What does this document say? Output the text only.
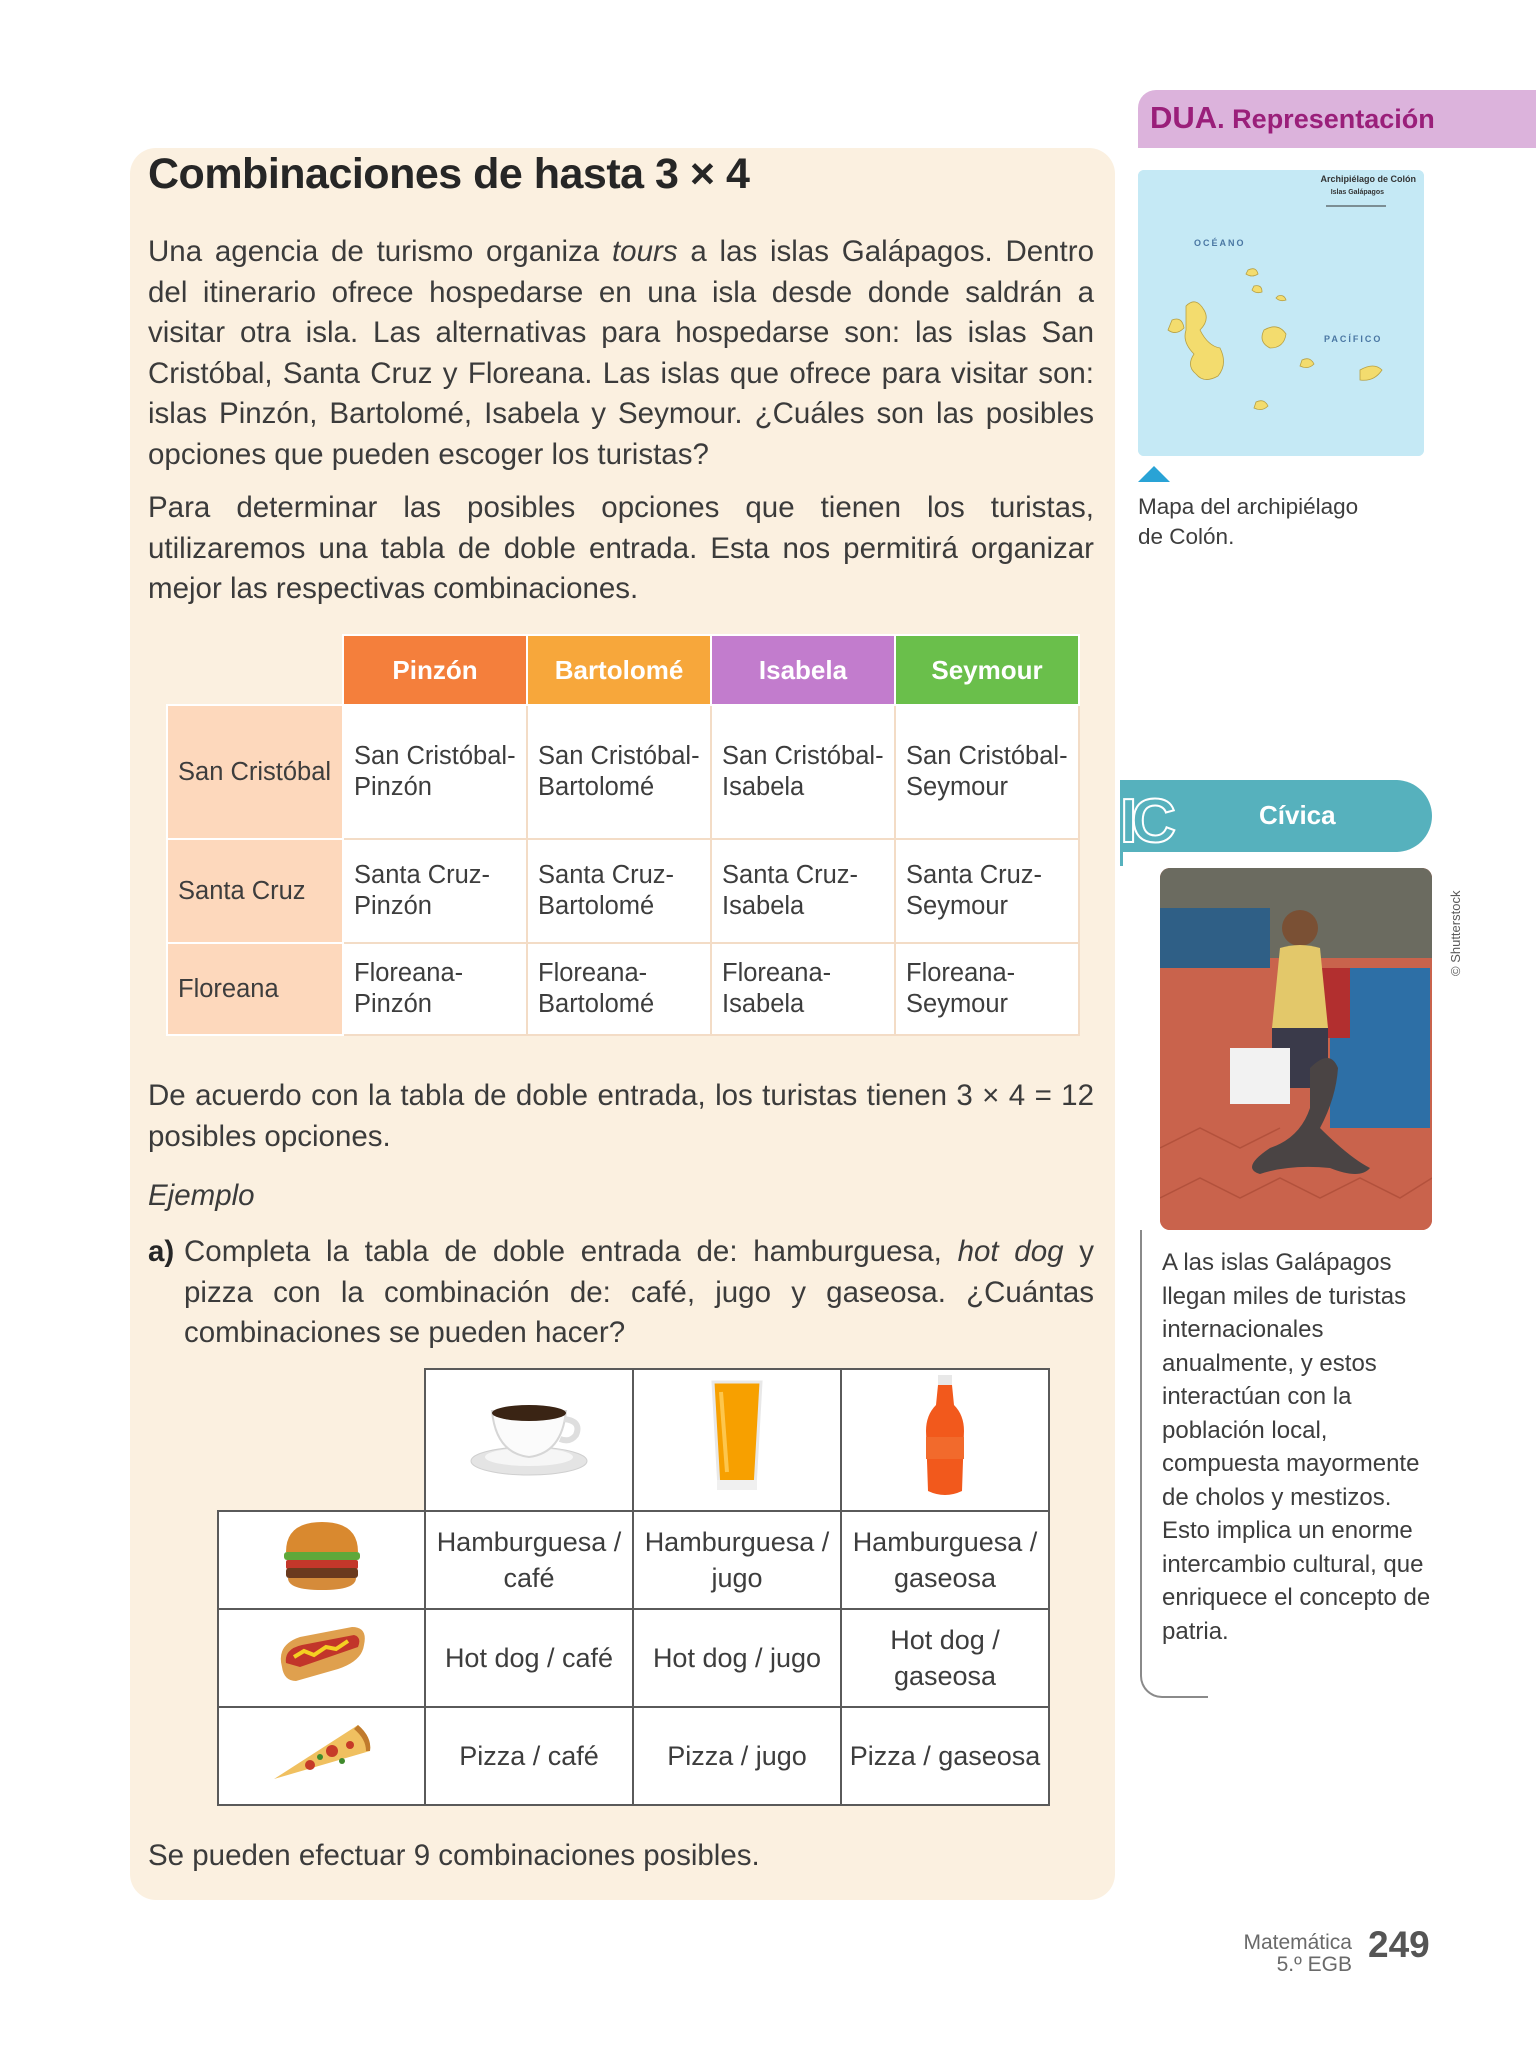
Combinaciones de hasta 3 × 4
Una agencia de turismo organiza tours a las islas Galápagos. Dentro del itinerario ofrece hospedarse en una isla desde donde saldrán a visitar otra isla. Las alternativas para hospedarse son: las islas San Cristóbal, Santa Cruz y Floreana. Las islas que ofrece para visitar son: islas Pinzón, Bartolomé, Isabela y Seymour. ¿Cuáles son las posibles opciones que pueden escoger los turistas?
Para determinar las posibles opciones que tienen los turistas, utilizaremos una tabla de doble entrada. Esta nos permitirá organizar mejor las respectivas combinaciones.
	Pinzón	Bartolomé	Isabela	Seymour
San Cristóbal	San Cristóbal-Pinzón	San Cristóbal-Bartolomé	San Cristóbal-Isabela	San Cristóbal-Seymour
Santa Cruz	Santa Cruz-Pinzón	Santa Cruz-Bartolomé	Santa Cruz-Isabela	Santa Cruz-Seymour
Floreana	Floreana-Pinzón	Floreana-Bartolomé	Floreana-Isabela	Floreana-Seymour
De acuerdo con la tabla de doble entrada, los turistas tienen 3 × 4 = 12 posibles opciones.
Ejemplo
a) Completa la tabla de doble entrada de: hamburguesa, hot dog y pizza con la combinación de: café, jugo y gaseosa. ¿Cuántas combinaciones se pueden hacer?

	Hamburguesa / café	Hamburguesa / jugo	Hamburguesa / gaseosa
	Hot dog / café	Hot dog / jugo	Hot dog / gaseosa
	Pizza / café	Pizza / jugo	Pizza / gaseosa
Se pueden efectuar 9 combinaciones posibles.
DUA. Representación
Archipiélago de Colón
Islas Galápagos
OCÉANO
PACÍFICO
Mapa del archipiélago de Colón.
IC	Cívica
© Shutterstock
A las islas Galápagos llegan miles de turistas internacionales anualmente, y estos interactúan con la población local, compuesta mayormente de cholos y mestizos. Esto implica un enorme intercambio cultural, que enriquece el concepto de patria.
Matemática
5.º EGB 249
